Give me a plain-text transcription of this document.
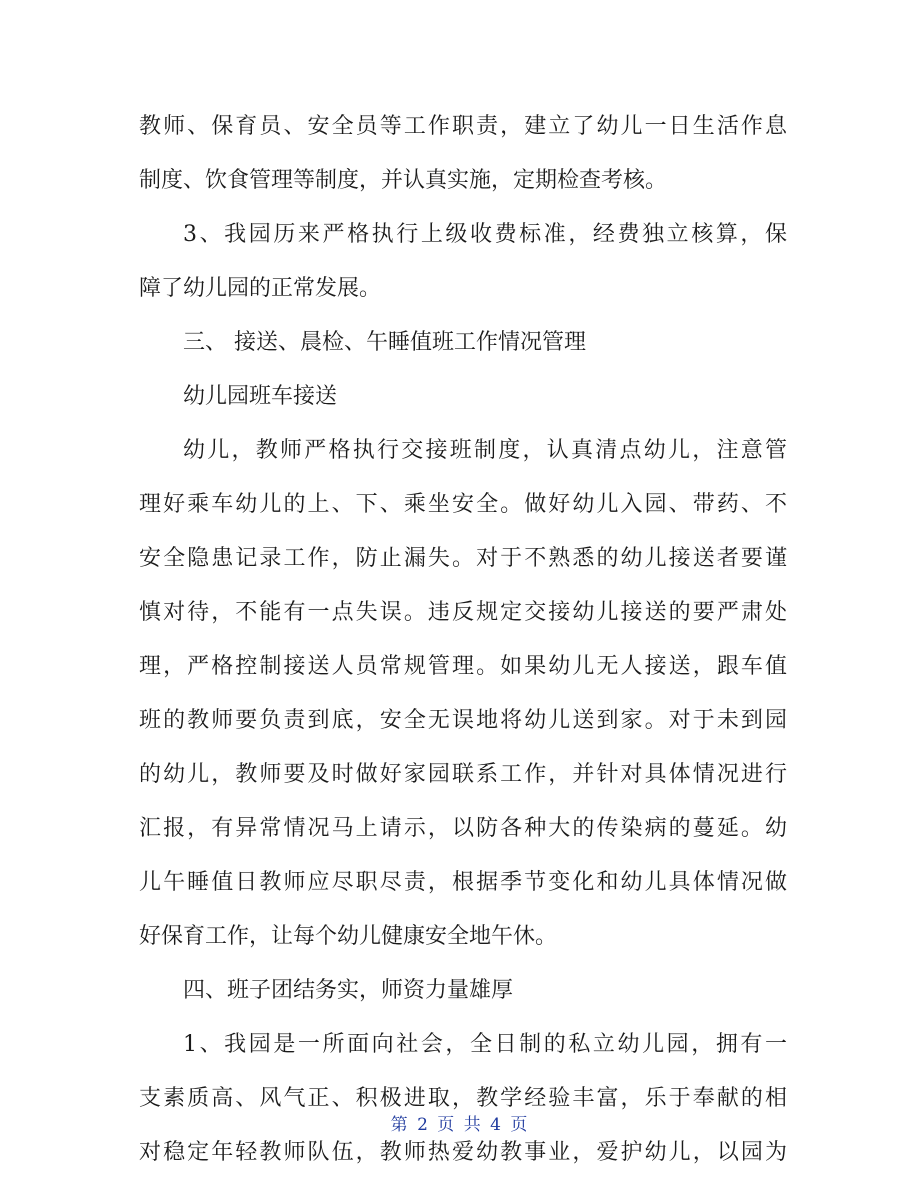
教师、保育员、安全员等工作职责，建立了幼儿一日生活作息
制度、饮食管理等制度，并认真实施，定期检查考核。
3、我园历来严格执行上级收费标准，经费独立核算，保
障了幼儿园的正常发展。
三、 接送、晨检、午睡值班工作情况管理
幼儿园班车接送
幼儿，教师严格执行交接班制度，认真清点幼儿，注意管
理好乘车幼儿的上、下、乘坐安全。做好幼儿入园、带药、不
安全隐患记录工作，防止漏失。对于不熟悉的幼儿接送者要谨
慎对待，不能有一点失误。违反规定交接幼儿接送的要严肃处
理，严格控制接送人员常规管理。如果幼儿无人接送，跟车值
班的教师要负责到底，安全无误地将幼儿送到家。对于未到园
的幼儿，教师要及时做好家园联系工作，并针对具体情况进行
汇报，有异常情况马上请示，以防各种大的传染病的蔓延。幼
儿午睡值日教师应尽职尽责，根据季节变化和幼儿具体情况做
好保育工作，让每个幼儿健康安全地午休。
四、班子团结务实，师资力量雄厚
1、我园是一所面向社会，全日制的私立幼儿园，拥有一
支素质高、风气正、积极进取，教学经验丰富，乐于奉献的相
对稳定年轻教师队伍，教师热爱幼教事业，爱护幼儿，以园为
第 2 页 共 4 页
